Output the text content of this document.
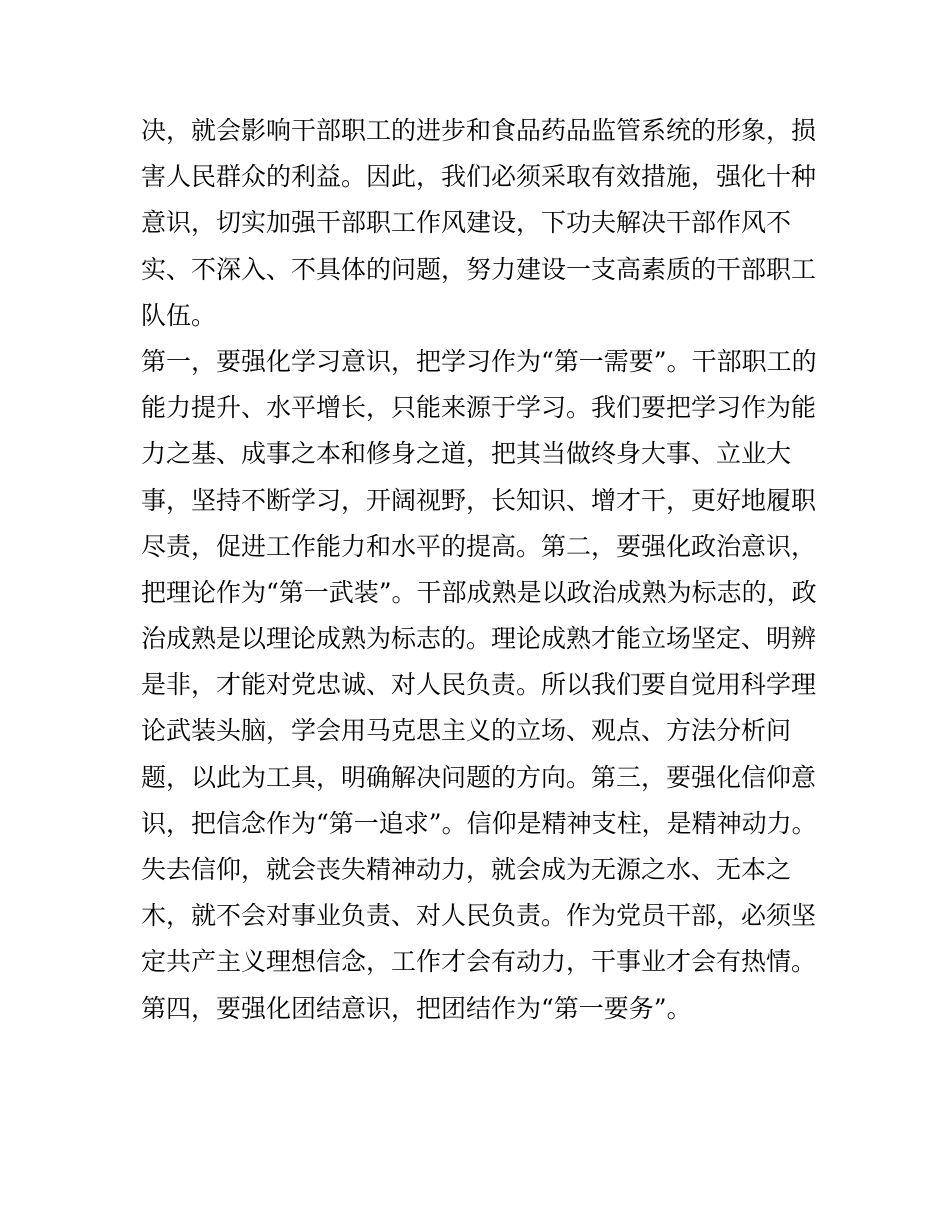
决，就会影响干部职工的进步和食品药品监管系统的形象，损
害人民群众的利益。因此，我们必须采取有效措施，强化十种
意识，切实加强干部职工作风建设，下功夫解决干部作风不
实、不深入、不具体的问题，努力建设一支高素质的干部职工
队伍。
第一，要强化学习意识，把学习作为“第一需要”。干部职工的
能力提升、水平增长，只能来源于学习。我们要把学习作为能
力之基、成事之本和修身之道，把其当做终身大事、立业大
事，坚持不断学习，开阔视野，长知识、增才干，更好地履职
尽责，促进工作能力和水平的提高。第二，要强化政治意识，
把理论作为“第一武装”。干部成熟是以政治成熟为标志的，政
治成熟是以理论成熟为标志的。理论成熟才能立场坚定、明辨
是非，才能对党忠诚、对人民负责。所以我们要自觉用科学理
论武装头脑，学会用马克思主义的立场、观点、方法分析问
题，以此为工具，明确解决问题的方向。第三，要强化信仰意
识，把信念作为“第一追求”。信仰是精神支柱，是精神动力。
失去信仰，就会丧失精神动力，就会成为无源之水、无本之
木，就不会对事业负责、对人民负责。作为党员干部，必须坚
定共产主义理想信念，工作才会有动力，干事业才会有热情。
第四，要强化团结意识，把团结作为“第一要务”。
